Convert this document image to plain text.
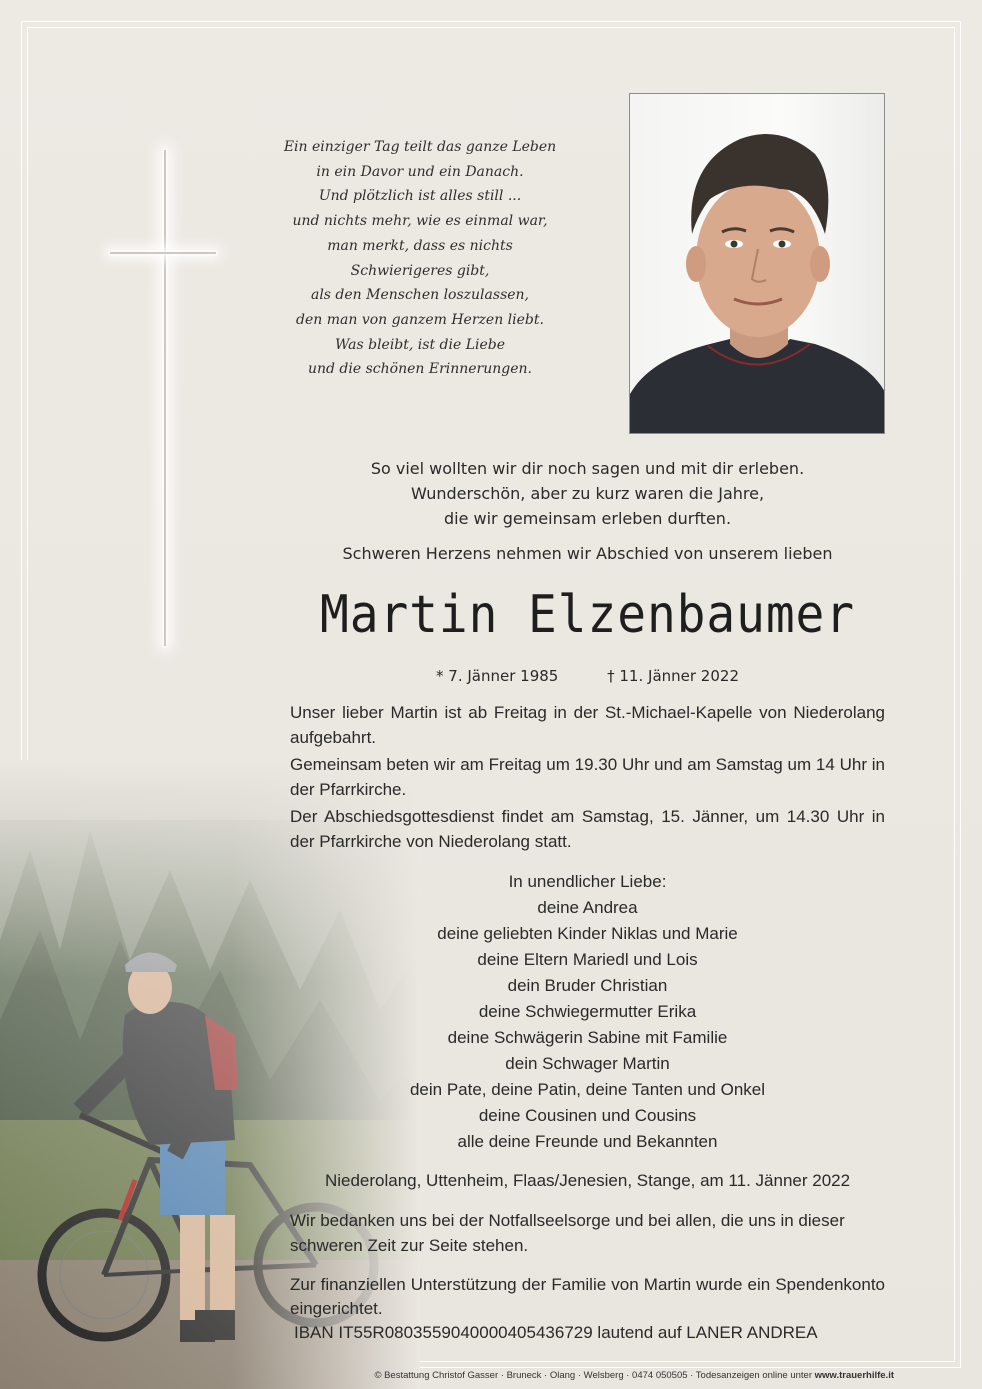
Ein einziger Tag teilt das ganze Leben
in ein Davor und ein Danach.
Und plötzlich ist alles still ...
und nichts mehr, wie es einmal war,
man merkt, dass es nichts
Schwierigeres gibt,
als den Menschen loszulassen,
den man von ganzem Herzen liebt.
Was bleibt, ist die Liebe
und die schönen Erinnerungen.
So viel wollten wir dir noch sagen und mit dir erleben.
Wunderschön, aber zu kurz waren die Jahre,
die wir gemeinsam erleben durften.
Schweren Herzens nehmen wir Abschied von unserem lieben
Martin Elzenbaumer
* 7. Jänner 1985	† 11. Jänner 2022

Unser lieber Martin ist ab Freitag in der St.-Michael-Kapelle von Niederolang aufgebahrt.

Gemeinsam beten wir am Freitag um 19.30 Uhr und am Samstag um 14 Uhr in der Pfarrkirche.

Der Abschiedsgottesdienst findet am Samstag, 15. Jänner, um 14.30 Uhr in der Pfarrkirche von Niederolang statt.

In unendlicher Liebe:
deine Andrea
deine geliebten Kinder Niklas und Marie
deine Eltern Mariedl und Lois
dein Bruder Christian
deine Schwiegermutter Erika
deine Schwägerin Sabine mit Familie
dein Schwager Martin
dein Pate, deine Patin, deine Tanten und Onkel
deine Cousinen und Cousins
alle deine Freunde und Bekannten
Niederolang, Uttenheim, Flaas/Jenesien, Stange, am 11. Jänner 2022
Wir bedanken uns bei der Notfallseelsorge und bei allen, die uns in dieser schweren Zeit zur Seite stehen.
Zur finanziellen Unterstützung der Familie von Martin wurde ein Spendenkonto eingerichtet.
IBAN IT55R0803559040000405436729 lautend auf LANER ANDREA
© Bestattung Christof Gasser · Bruneck · Olang · Welsberg · 0474 050505 · Todesanzeigen online unter www.trauerhilfe.it
